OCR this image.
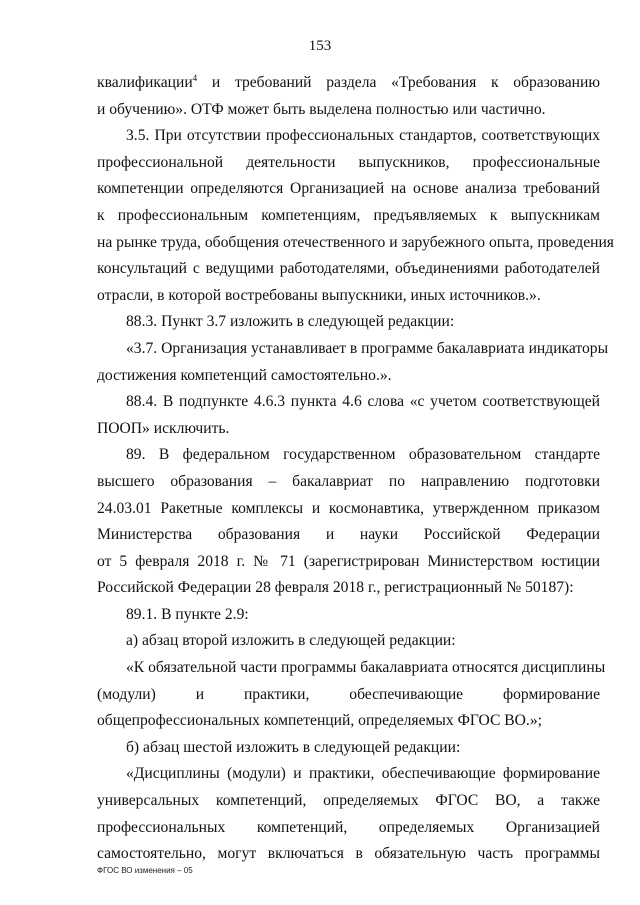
153
квалификации$^4$ и требований раздела «Требования к образованию
и обучению». ОТФ может быть выделена полностью или частично.
3.5. При отсутствии профессиональных стандартов, соответствующих
профессиональной деятельности выпускников, профессиональные
компетенции определяются Организацией на основе анализа требований
к профессиональным компетенциям, предъявляемых к выпускникам
на рынке труда, обобщения отечественного и зарубежного опыта, проведения
консультаций с ведущими работодателями, объединениями работодателей
отрасли, в которой востребованы выпускники, иных источников.».
88.3. Пункт 3.7 изложить в следующей редакции:
«3.7. Организация устанавливает в программе бакалавриата индикаторы
достижения компетенций самостоятельно.».
88.4. В подпункте 4.6.3 пункта 4.6 слова «с учетом соответствующей
ПООП» исключить.
89. В федеральном государственном образовательном стандарте
высшего образования – бакалавриат по направлению подготовки
24.03.01 Ракетные комплексы и космонавтика, утвержденном приказом
Министерства образования и науки Российской Федерации
от 5 февраля 2018 г. № 71 (зарегистрирован Министерством юстиции
Российской Федерации 28 февраля 2018 г., регистрационный № 50187):
89.1. В пункте 2.9:
а) абзац второй изложить в следующей редакции:
«К обязательной части программы бакалавриата относятся дисциплины
(модули) и практики, обеспечивающие формирование
общепрофессиональных компетенций, определяемых ФГОС ВО.»;
б) абзац шестой изложить в следующей редакции:
«Дисциплины (модули) и практики, обеспечивающие формирование
универсальных компетенций, определяемых ФГОС ВО, а также
профессиональных компетенций, определяемых Организацией
самостоятельно, могут включаться в обязательную часть программы
ФГОС ВО изменения – 05
